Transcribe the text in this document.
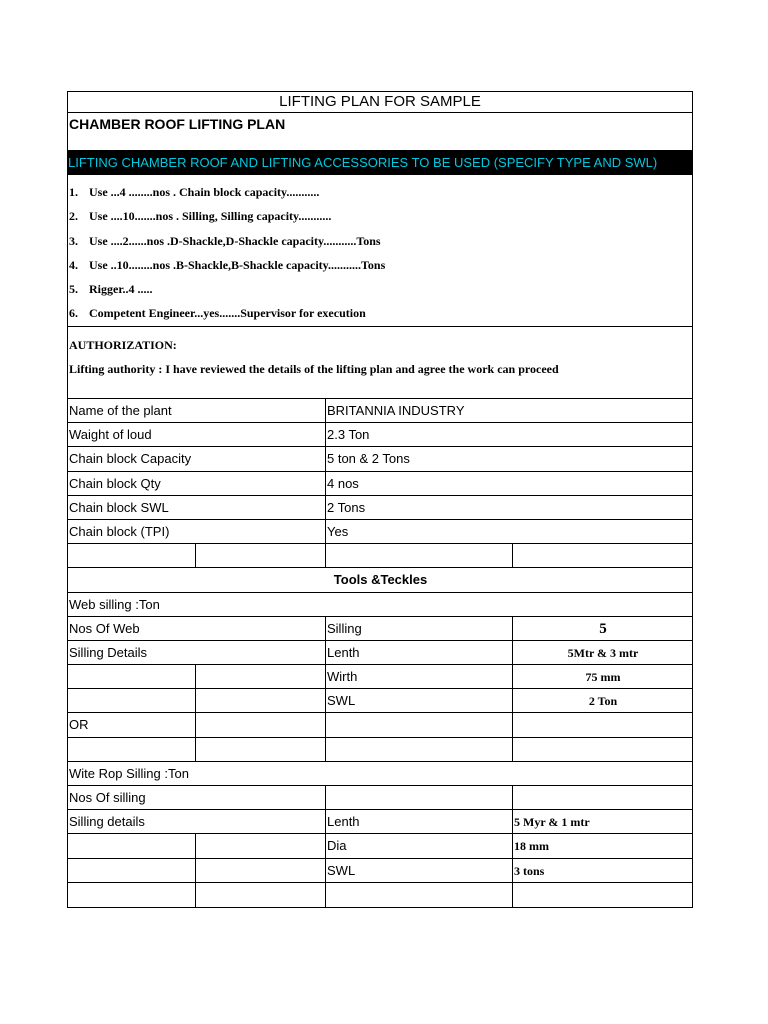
LIFTING PLAN FOR SAMPLE
CHAMBER ROOF LIFTING PLAN
LIFTING CHAMBER ROOF AND LIFTING ACCESSORIES TO BE USED (SPECIFY TYPE AND SWL)
1. Use ...4 ........nos . Chain block capacity...........
2. Use ....10.......nos . Silling, Silling capacity...........
3. Use ....2......nos .D-Shackle,D-Shackle capacity...........Tons
4. Use ..10........nos .B-Shackle,B-Shackle capacity...........Tons
5. Rigger..4 .....
6. Competent Engineer...yes.......Supervisor for execution
AUTHORIZATION:
Lifting authority : I have reviewed the details of the lifting plan and agree the work can proceed
Name of the plant	BRITANNIA INDUSTRY
Waight of loud	2.3 Ton
Chain block Capacity	5 ton & 2 Tons
Chain block Qty	4 nos
Chain block SWL	2 Tons
Chain block (TPI)	Yes
Tools &Teckles
Web silling :Ton
Nos Of Web	Silling	5
Silling Details	Lenth	5Mtr & 3 mtr
Wirth	75 mm
SWL	2 Ton
OR
Wite Rop Silling :Ton
Nos Of silling
Silling details	Lenth	5 Myr & 1 mtr
Dia	18 mm
SWL	3 tons
